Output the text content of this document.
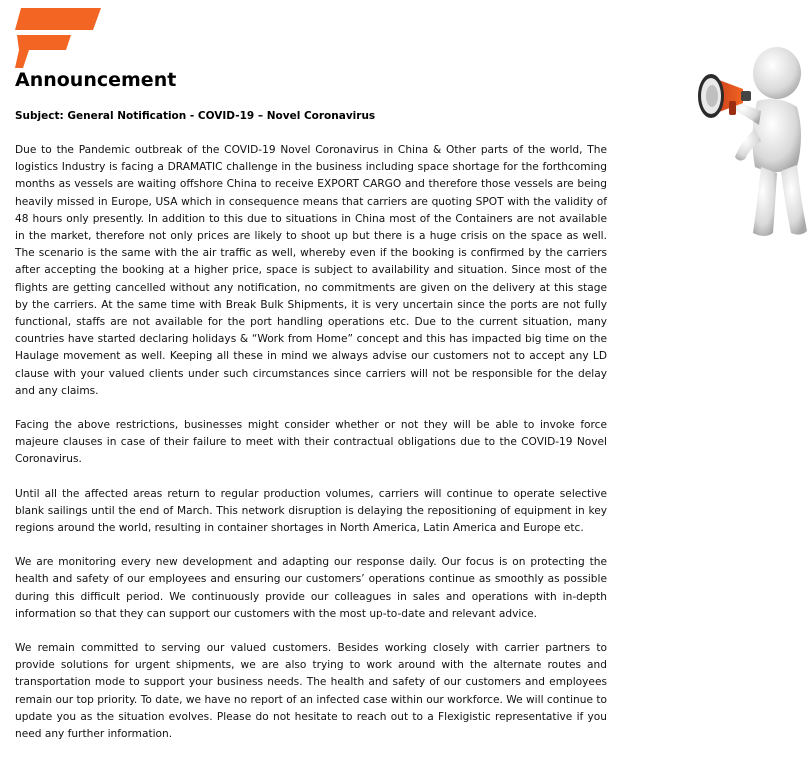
Announcement
Subject: General Notification - COVID-19 – Novel Coronavirus

Due to the Pandemic outbreak of the COVID-19 Novel Coronavirus in China & Other parts of the world, The logistics Industry is facing a DRAMATIC challenge in the business including space shortage for the forthcoming months as vessels are waiting offshore China to receive EXPORT CARGO and therefore those vessels are being heavily missed in Europe, USA which in consequence means that carriers are quoting SPOT with the validity of 48 hours only presently. In addition to this due to situations in China most of the Containers are not available in the market, therefore not only prices are likely to shoot up but there is a huge crisis on the space as well. The scenario is the same with the air traffic as well, whereby even if the booking is confirmed by the carriers after accepting the booking at a higher price, space is subject to availability and situation. Since most of the flights are getting cancelled without any notification, no commitments are given on the delivery at this stage by the carriers. At the same time with Break Bulk Shipments, it is very uncertain since the ports are not fully functional, staffs are not available for the port handling operations etc. Due to the current situation, many countries have started declaring holidays & “Work from Home” concept and this has impacted big time on the Haulage movement as well. Keeping all these in mind we always advise our customers not to accept any LD clause with your valued clients under such circumstances since carriers will not be responsible for the delay and any claims.

Facing the above restrictions, businesses might consider whether or not they will be able to invoke force majeure clauses in case of their failure to meet with their contractual obligations due to the COVID-19 Novel Coronavirus.

Until all the affected areas return to regular production volumes, carriers will continue to operate selective blank sailings until the end of March. This network disruption is delaying the repositioning of equipment in key regions around the world, resulting in container shortages in North America, Latin America and Europe etc.

We are monitoring every new development and adapting our response daily. Our focus is on protecting the health and safety of our employees and ensuring our customers’ operations continue as smoothly as possible during this difficult period. We continuously provide our colleagues in sales and operations with in-depth information so that they can support our customers with the most up-to-date and relevant advice.

We remain committed to serving our valued customers. Besides working closely with carrier partners to provide solutions for urgent shipments, we are also trying to work around with the alternate routes and transportation mode to support your business needs. The health and safety of our customers and employees remain our top priority. To date, we have no report of an infected case within our workforce. We will continue to update you as the situation evolves. Please do not hesitate to reach out to a Flexigistic representative if you need any further information.
